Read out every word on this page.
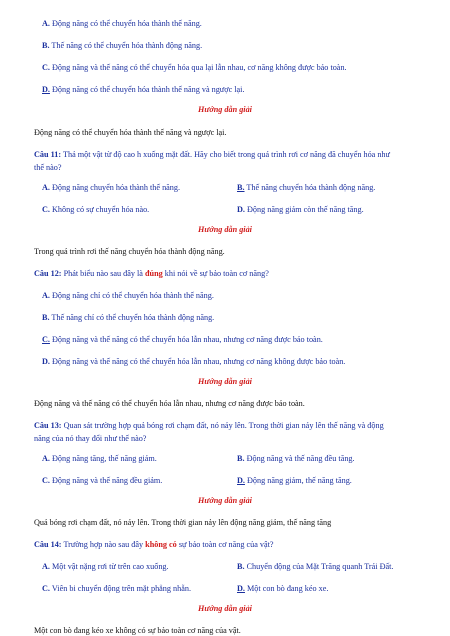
A. Động năng có thể chuyển hóa thành thế năng.
B. Thế năng có thể chuyển hóa thành động năng.
C. Động năng và thế năng có thể chuyển hóa qua lại lẫn nhau, cơ năng không được bảo toàn.
D. Động năng có thể chuyển hóa thành thế năng và ngược lại.
Hướng dẫn giải
Động năng có thể chuyển hóa thành thế năng và ngược lại.
Câu 11: Thả một vật từ độ cao h xuống mặt đất. Hãy cho biết trong quá trình rơi cơ năng đã chuyển hóa như
thế nào?
A. Động năng chuyển hóa thành thế năng.	B. Thế năng chuyển hóa thành động năng.
C. Không có sự chuyển hóa nào.	D. Động năng giảm còn thế năng tăng.
Hướng dẫn giải
Trong quá trình rơi thế năng chuyển hóa thành động năng.
Câu 12: Phát biểu nào sau đây là đúng khi nói về sự bảo toàn cơ năng?
A. Động năng chỉ có thể chuyển hóa thành thế năng.
B. Thế năng chỉ có thể chuyển hóa thành động năng.
C. Động năng và thế năng có thể chuyển hóa lẫn nhau, nhưng cơ năng được bảo toàn.
D. Động năng và thế năng có thể chuyển hóa lẫn nhau, nhưng cơ năng không được bảo toàn.
Hướng dẫn giải
Động năng và thế năng có thể chuyển hóa lẫn nhau, nhưng cơ năng được bảo toàn.
Câu 13: Quan sát trường hợp quả bóng rơi chạm đất, nó nảy lên. Trong thời gian nảy lên thế năng và động
năng của nó thay đổi như thế nào?
A. Động năng tăng, thế năng giảm.	B. Động năng và thế năng đều tăng.
C. Động năng và thế năng đều giảm.	D. Động năng giảm, thế năng tăng.
Hướng dẫn giải
Quả bóng rơi chạm đất, nó nảy lên. Trong thời gian nảy lên động năng giảm, thế năng tăng
Câu 14: Trường hợp nào sau đây không có sự bảo toàn cơ năng của vật?
A. Một vật nặng rơi từ trên cao xuống.	B. Chuyển động của Mặt Trăng quanh Trái Đất.
C. Viên bi chuyển động trên mặt phẳng nhẵn.	D. Một con bò đang kéo xe.
Hướng dẫn giải
Một con bò đang kéo xe không có sự bảo toàn cơ năng của vật.
